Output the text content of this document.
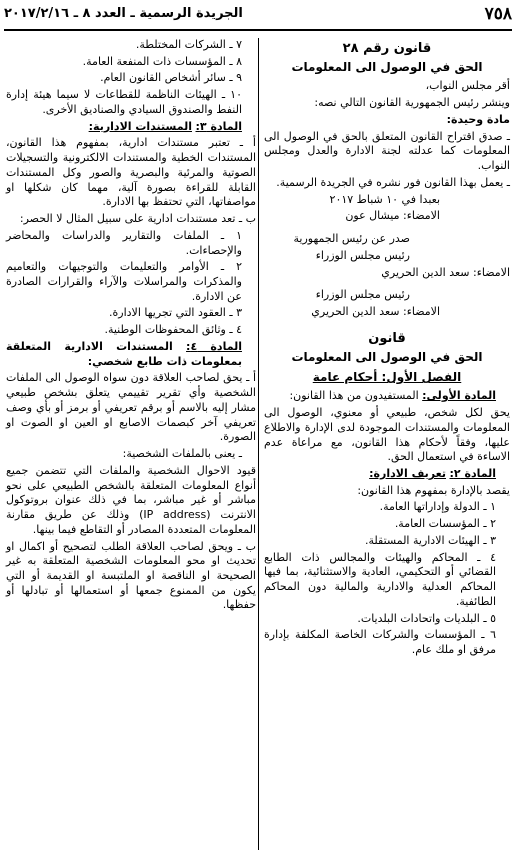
٧٥٨
الجريدة الرسمية ـ العدد ٨ ـ ٢٠١٧/٢/١٦
قانون رقم ٢٨
الحق في الوصول الى المعلومات

أقر مجلس النواب،

وينشر رئيس الجمهورية القانون التالي نصه:

مادة وحيدة:

ـ صدق اقتراح القانون المتعلق بالحق في الوصول الى المعلومات كما عدلته لجنة الادارة والعدل ومجلس النواب.

ـ يعمل بهذا القانون فور نشره في الجريدة الرسمية.

بعبدا في ١٠ شباط ٢٠١٧

الامضاء: ميشال عون

صدر عن رئيس الجمهورية

رئيس مجلس الوزراء

الامضاء: سعد الدين الحريري

رئيس مجلس الوزراء

الامضاء: سعد الدين الحريري

قانون
الحق في الوصول الى المعلومات
الفصل الأول: أحكام عامة

المادة الأولى: المستفيدون من هذا القانون:

يحق لكل شخص، طبيعي أو معنوي، الوصول الى المعلومات والمستندات الموجودة لدى الإدارة والاطلاع عليها، وفقاً لأحكام هذا القانون، مع مراعاة عدم الاساءة في استعمال الحق.

المادة ٢: تعريف الادارة:

يقصد بالإدارة بمفهوم هذا القانون:

١ ـ الدولة وإداراتها العامة.

٢ ـ المؤسسات العامة.

٣ ـ الهيئات الادارية المستقلة.

٤ ـ المحاكم والهيئات والمجالس ذات الطابع القضائي أو التحكيمي، العادية والاستثنائية، بما فيها المحاكم العدلية والادارية والمالية دون المحاكم الطائفية.

٥ ـ البلديات واتحادات البلديات.

٦ ـ المؤسسات والشركات الخاصة المكلفة بإدارة مرفق او ملك عام.

٧ ـ الشركات المختلطة.

٨ ـ المؤسسات ذات المنفعة العامة.

٩ ـ سائر أشخاص القانون العام.

١٠ ـ الهيئات الناظمة للقطاعات لا سيما هيئة إدارة النفط والصندوق السيادي والصناديق الأخرى.

المادة ٣: المستندات الادارية:

أ ـ تعتبر مستندات ادارية، بمفهوم هذا القانون، المستندات الخطية والمستندات الالكترونية والتسجيلات الصوتية والمرئية والبصرية والصور وكل المستندات القابلة للقراءة بصورة آلية، مهما كان شكلها او مواصفاتها، التي تحتفظ بها الادارة.

ب ـ تعد مستندات ادارية على سبيل المثال لا الحصر:

١ ـ الملفات والتقارير والدراسات والمحاضر والإحصاءات.

٢ ـ الأوامر والتعليمات والتوجيهات والتعاميم والمذكرات والمراسلات والآراء والقرارات الصادرة عن الادارة.

٣ ـ العقود التي تجريها الادارة.

٤ ـ وثائق المحفوظات الوطنية.

المادة ٤: المستندات الادارية المتعلقة بمعلومات ذات طابع شخصي:

أ ـ يحق لصاحب العلاقة دون سواه الوصول الى الملفات الشخصية وأي تقرير تقييمي يتعلق بشخص طبيعي مشار إليه بالاسم أو برقم تعريفي أو برمز أو بأي وصف تعريفي آخر كبصمات الاصابع او العين او الصوت او الصورة.

ـ يعنى بالملفات الشخصية:

قيود الاحوال الشخصية والملفات التي تتضمن جميع أنواع المعلومات المتعلقة بالشخص الطبيعي على نحو مباشر أو غير مباشر، بما في ذلك عنوان بروتوكول الانترنت (IP address) وذلك عن طريق مقارنة المعلومات المتعددة المصادر أو التقاطع فيما بينها.

ب ـ ويحق لصاحب العلاقة الطلب لتصحيح أو اكمال او تحديث او محو المعلومات الشخصية المتعلقة به غير الصحيحة او الناقصة او الملتبسة او القديمة أو التي يكون من الممنوع جمعها أو استعمالها أو تبادلها أو حفظها.
